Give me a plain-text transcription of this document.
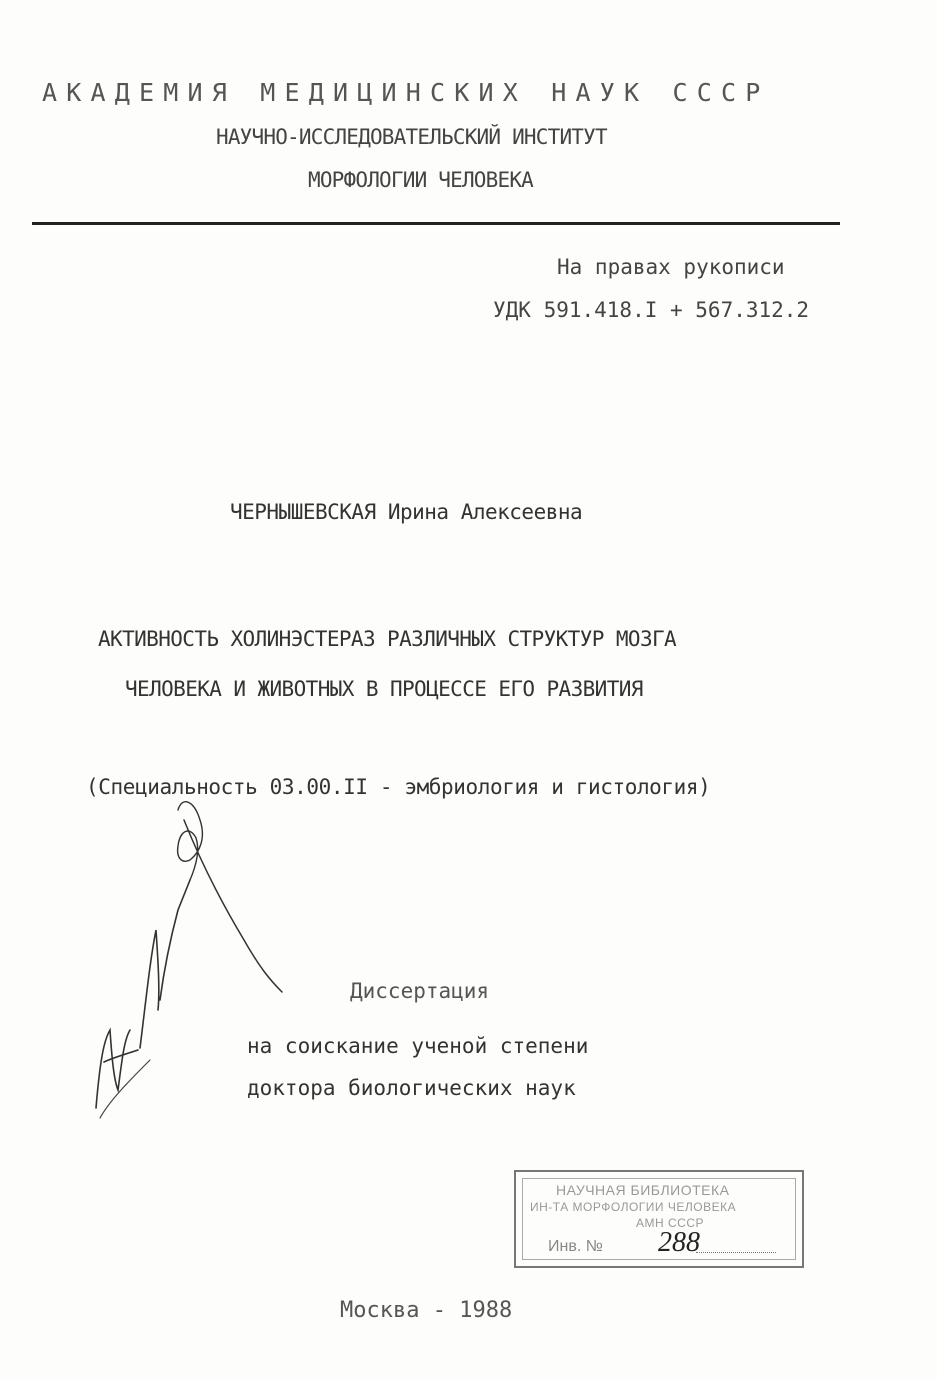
АКАДЕМИЯ МЕДИЦИНСКИХ НАУК СССР
НАУЧНО-ИССЛЕДОВАТЕЛЬСКИЙ ИНСТИТУТ
МОРФОЛОГИИ ЧЕЛОВЕКА
На правах рукописи
УДК 591.418.I + 567.312.2
ЧЕРНЫШЕВСКАЯ Ирина Алексеевна
АКТИВНОСТЬ ХОЛИНЭСТЕРАЗ РАЗЛИЧНЫХ СТРУКТУР МОЗГА
ЧЕЛОВЕКА И ЖИВОТНЫХ В ПРОЦЕССЕ ЕГО РАЗВИТИЯ
(Специальность 03.00.II - эмбриология и гистология)
Диссертация
на соискание ученой степени
доктора биологических наук
НАУЧНАЯ БИБЛИОТЕКА
ИН-ТА МОРФОЛОГИИ ЧЕЛОВЕКА
АМН СССР
Инв. № 288
Москва - 1988
